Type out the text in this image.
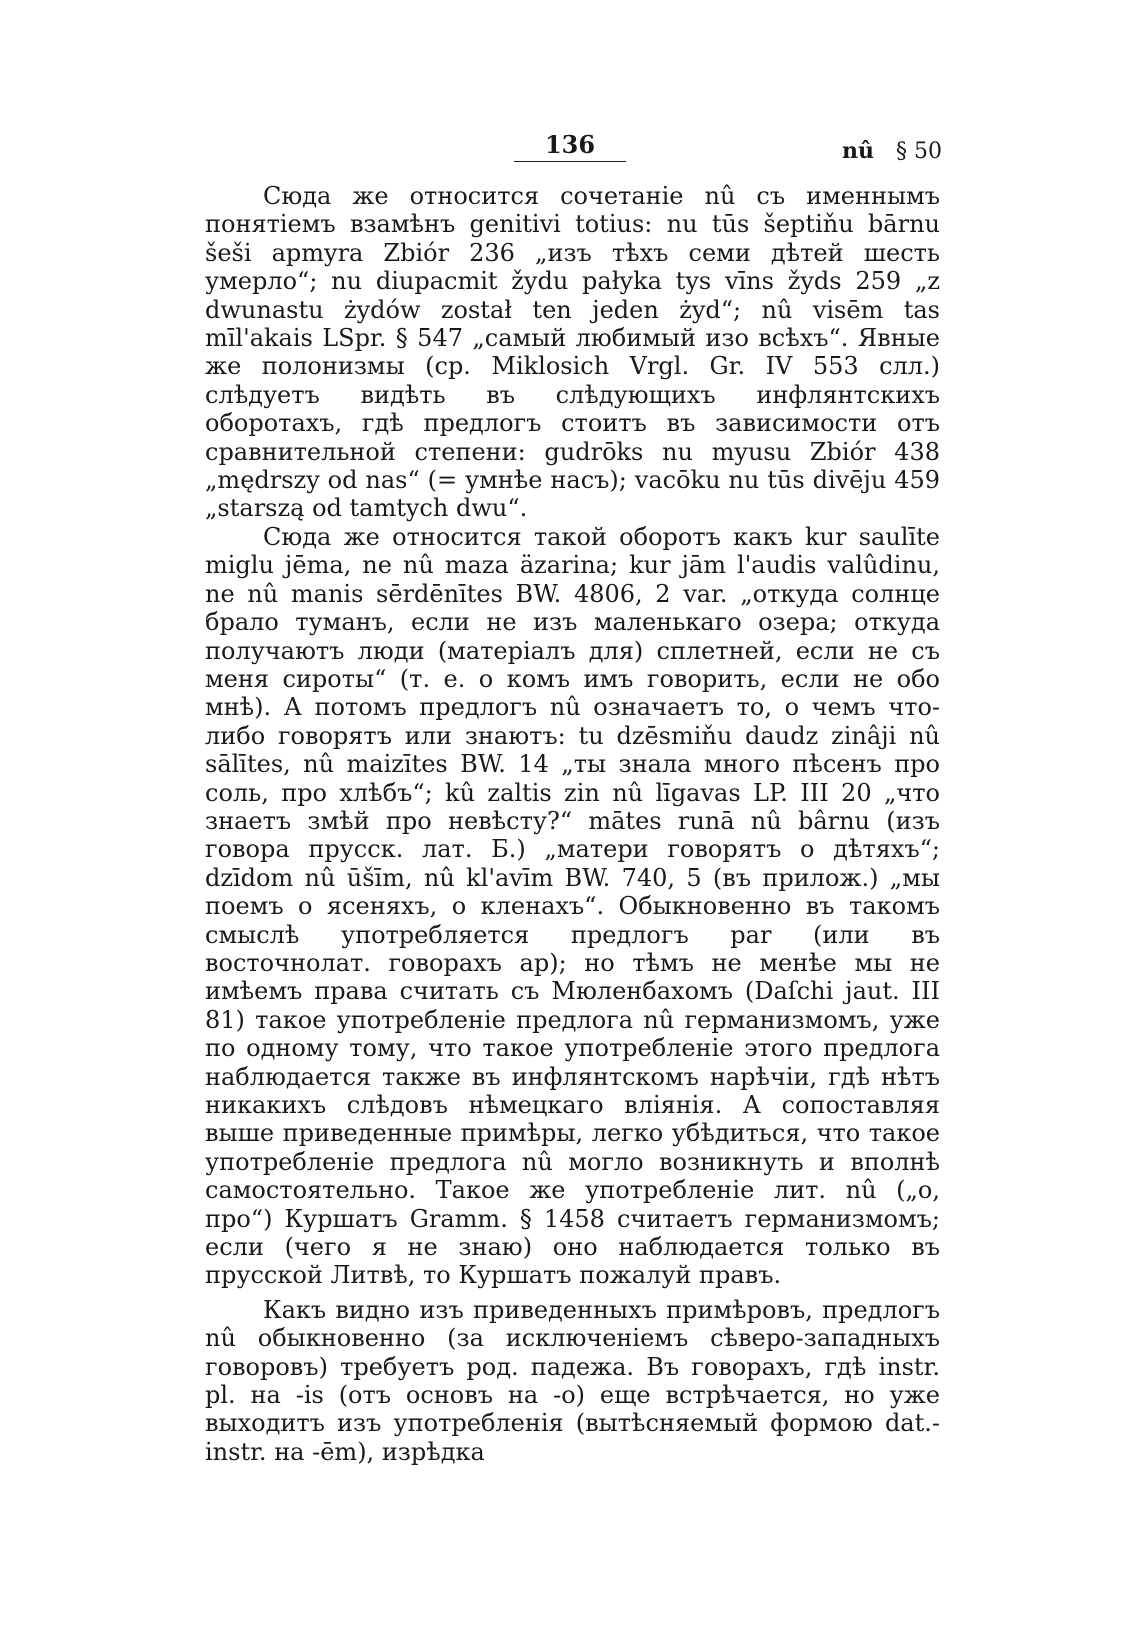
136	nû § 50

Сюда же относится сочетанiе nû съ именнымъ понятiемъ взамѣнъ genitivi totius: nu tūs šeptiňu bārnu šeši apmyra Zbiór 236 „изъ тѣхъ семи дѣтей шесть умерло“; nu diupacmit žydu pałyka tys vīns žyds 259 „z dwunastu żydów został ten jeden żyd“; nû visēm tas mīl'akais LSpr. § 547 „самый любимый изо всѣхъ“. Явные же полонизмы (ср. Miklosich Vrgl. Gr. IV 553 слл.) слѣдуетъ видѣть въ слѣдующихъ инфлянтскихъ оборотахъ, гдѣ предлогъ стоитъ въ зависимости отъ сравнительной степени: gudrōks nu myusu Zbiór 438 „mędrszy od nas“ (= умнѣе насъ); vacōku nu tūs divēju 459 „starszą od tamtych dwu“.

Сюда же относится такой оборотъ какъ kur saulīte miglu jēma, ne nû maza äzarina; kur jām l'audis valûdinu, ne nû manis sērdēnītes BW. 4806, 2 var. „откуда солнце брало туманъ, если не изъ маленькаго озера; откуда получаютъ люди (матерiалъ для) сплетней, если не съ меня сироты“ (т. е. о комъ имъ говорить, если не обо мнѣ). А потомъ предлогъ nû означаетъ то, о чемъ что-либо говорятъ или знаютъ: tu dzēsmiňu daudz zinâji nû sālītes, nû maizītes BW. 14 „ты знала много пѣсенъ про соль, про хлѣбъ“; kû zaltis zin nû līgavas LP. III 20 „что знаетъ змѣй про невѣсту?“ mātes runā nû bârnu (изъ говора прусск. лат. Б.) „матери говорятъ о дѣтяхъ“; dzīdom nû ūšīm, nû kl'avīm BW. 740, 5 (въ прилож.) „мы поемъ о ясеняхъ, о кленахъ“. Обыкновенно въ такомъ смыслѣ употребляется предлогъ par (или въ восточнолат. говорахъ ap); но тѣмъ не менѣе мы не имѣемъ права считать съ Мюленбахомъ (Daſchi jaut. III 81) такое употребленiе предлога nû германизмомъ, уже по одному тому, что такое употребленiе этого предлога наблюдается также въ инфлянтскомъ нарѣчiи, гдѣ нѣтъ никакихъ слѣдовъ нѣмецкаго влiянiя. А сопоставляя выше приведенные примѣры, легко убѣдиться, что такое употребленiе предлога nû могло возникнуть и вполнѣ самостоятельно. Такое же употребленiе лит. nû („о, про“) Куршатъ Gramm. § 1458 считаетъ германизмомъ; если (чего я не знаю) оно наблюдается только въ прусской Литвѣ, то Куршатъ пожалуй правъ.

Какъ видно изъ приведенныхъ примѣровъ, предлогъ nû обыкновенно (за исключенiемъ сѣверо-западныхъ говоровъ) требуетъ род. падежа. Въ говорахъ, гдѣ instr. pl. на -is (отъ основъ на -o) еще встрѣчается, но уже выходитъ изъ употребленiя (вытѣсняемый формою dat.-instr. на -ēm), изрѣдка
